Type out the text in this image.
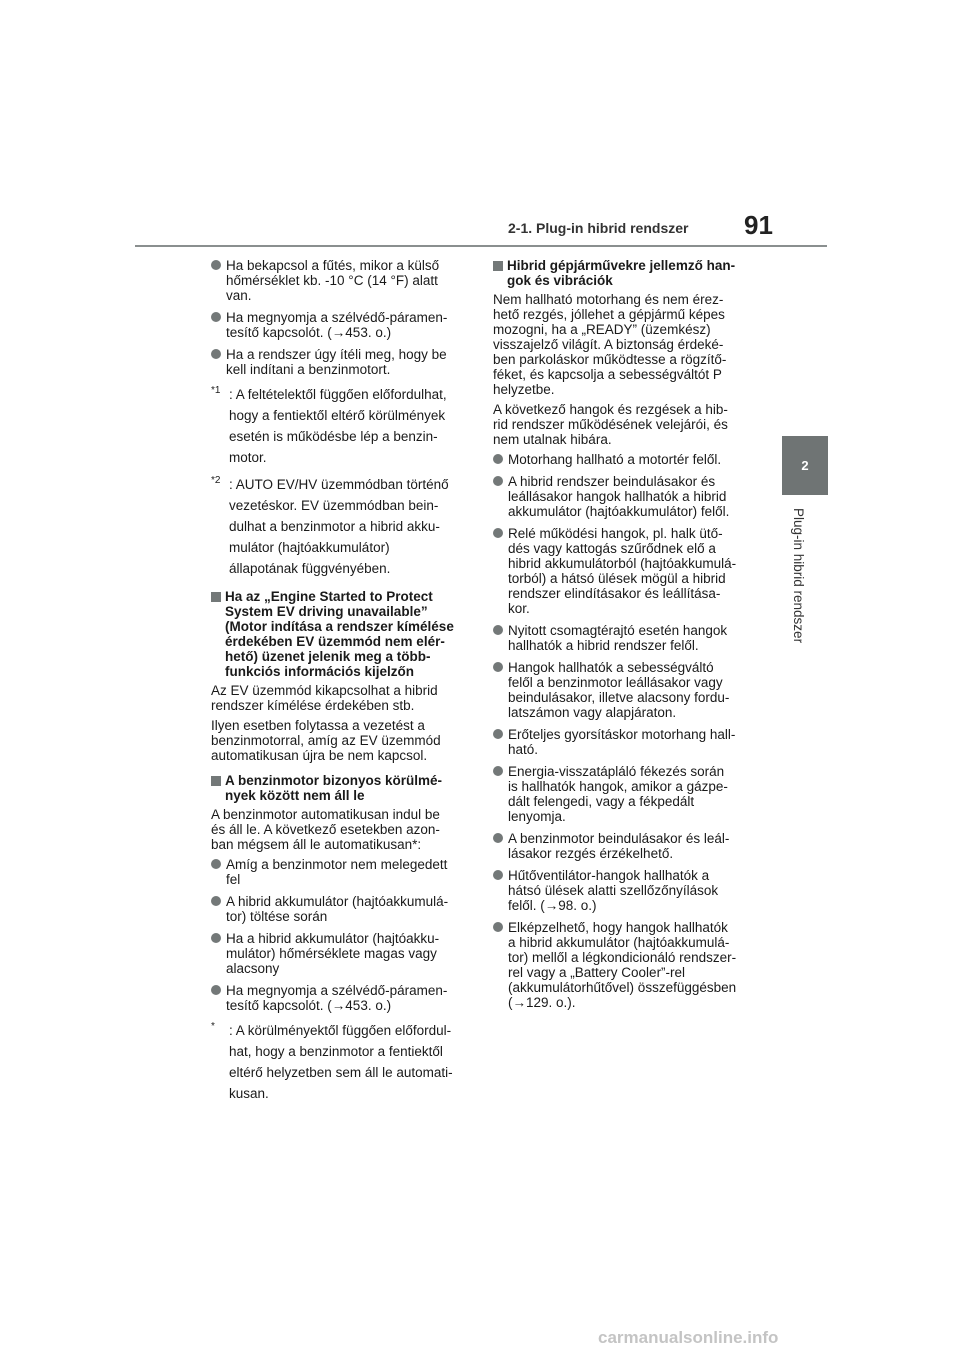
2-1. Plug-in hibrid rendszer 91
2
Plug-in hibrid rendszer
Ha bekapcsol a fűtés, mikor a külső
hőmérséklet kb. -10 °C (14 °F) alatt
van.
Ha megnyomja a szélvédő-páramen-
tesítő kapcsolót. (→453. o.)
Ha a rendszer úgy ítéli meg, hogy be
kell indítani a benzinmotort.
*1 : A feltételektől függően előfordulhat,
hogy a fentiektől eltérő körülmények
esetén is működésbe lép a benzin-
motor.
*2 : AUTO EV/HV üzemmódban történő
vezetéskor. EV üzemmódban bein-
dulhat a benzinmotor a hibrid akku-
mulátor (hajtóakkumulátor)
állapotának függvényében.
Ha az „Engine Started to Protect
System EV driving unavailable”
(Motor indítása a rendszer kímélése
érdekében EV üzemmód nem elér-
hető) üzenet jelenik meg a több-
funkciós információs kijelzőn
Az EV üzemmód kikapcsolhat a hibrid
rendszer kímélése érdekében stb.
Ilyen esetben folytassa a vezetést a
benzinmotorral, amíg az EV üzemmód
automatikusan újra be nem kapcsol.
A benzinmotor bizonyos körülmé-
nyek között nem áll le
A benzinmotor automatikusan indul be
és áll le. A következő esetekben azon-
ban mégsem áll le automatikusan*:
Amíg a benzinmotor nem melegedett
fel
A hibrid akkumulátor (hajtóakkumulá-
tor) töltése során
Ha a hibrid akkumulátor (hajtóakku-
mulátor) hőmérséklete magas vagy
alacsony
Ha megnyomja a szélvédő-páramen-
tesítő kapcsolót. (→453. o.)
* : A körülményektől függően előfordul-
hat, hogy a benzinmotor a fentiektől
eltérő helyzetben sem áll le automati-
kusan.
Hibrid gépjárművekre jellemző han-
gok és vibrációk
Nem hallható motorhang és nem érez-
hető rezgés, jóllehet a gépjármű képes
mozogni, ha a „READY” (üzemkész)
visszajelző világít. A biztonság érdeké-
ben parkoláskor működtesse a rögzítő-
féket, és kapcsolja a sebességváltót P
helyzetbe.
A következő hangok és rezgések a hib-
rid rendszer működésének velejárói, és
nem utalnak hibára.
Motorhang hallható a motortér felől.
A hibrid rendszer beindulásakor és
leállásakor hangok hallhatók a hibrid
akkumulátor (hajtóakkumulátor) felől.
Relé működési hangok, pl. halk ütő-
dés vagy kattogás szűrődnek elő a
hibrid akkumulátorból (hajtóakkumulá-
torból) a hátsó ülések mögül a hibrid
rendszer elindításakor és leállítása-
kor.
Nyitott csomagtérajtó esetén hangok
hallhatók a hibrid rendszer felől.
Hangok hallhatók a sebességváltó
felől a benzinmotor leállásakor vagy
beindulásakor, illetve alacsony fordu-
latszámon vagy alapjáraton.
Erőteljes gyorsításkor motorhang hall-
ható.
Energia-visszatápláló fékezés során
is hallhatók hangok, amikor a gázpe-
dált felengedi, vagy a fékpedált
lenyomja.
A benzinmotor beindulásakor és leál-
lásakor rezgés érzékelhető.
Hűtőventilátor-hangok hallhatók a
hátsó ülések alatti szellőzőnyílások
felől. (→98. o.)
Elképzelhető, hogy hangok hallhatók
a hibrid akkumulátor (hajtóakkumulá-
tor) mellől a légkondicionáló rendszer-
rel vagy a „Battery Cooler”-rel
(akkumulátorhűtővel) összefüggésben
(→129. o.).
carmanualsonline.info
